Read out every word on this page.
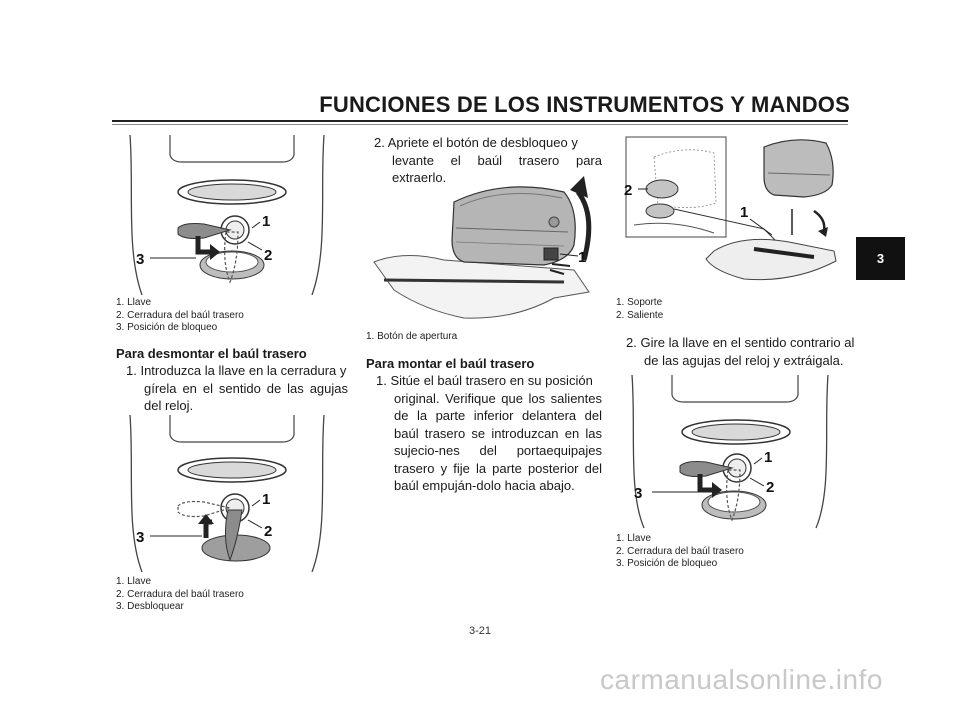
FUNCIONES DE LOS INSTRUMENTOS Y MANDOS
3
1
2
3
1. Llave
2. Cerradura del baúl trasero
3. Posición de bloqueo
Para desmontar el baúl trasero
1. Introduzca la llave en la cerradura y
gírela en el sentido de las agujas del reloj.
1
2
3
1. Llave
2. Cerradura del baúl trasero
3. Desbloquear
2. Apriete el botón de desbloqueo y
levante el baúl trasero para extraerlo.
1
1. Botón de apertura
Para montar el baúl trasero
1. Sitúe el baúl trasero en su posición
original. Verifique que los salientes de la parte inferior delantera del baúl trasero se introduzcan en las sujecio-nes del portaequipajes trasero y fije la parte posterior del baúl empuján-dolo hacia abajo.
2
1
1. Soporte
2. Saliente
2. Gire la llave en el sentido contrario al
de las agujas del reloj y extráigala.
1
2
3
1. Llave
2. Cerradura del baúl trasero
3. Posición de bloqueo
3-21
carmanualsonline.info
